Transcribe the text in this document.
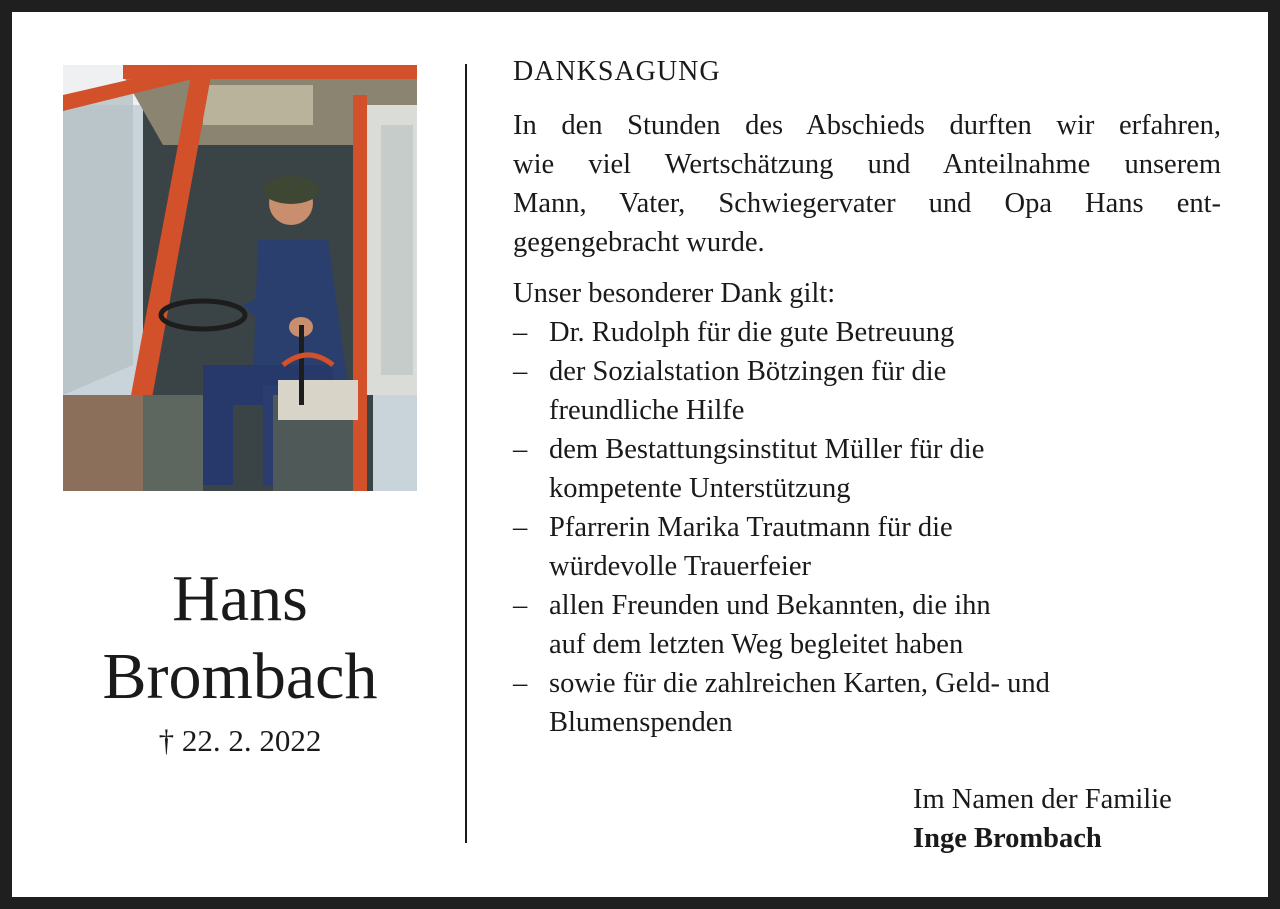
Hans
Brombach
† 22. 2. 2022
DANKSAGUNG
In den Stunden des Abschieds durften wir erfahren,
wie viel Wertschätzung und Anteilnahme unserem
Mann, Vater, Schwiegervater und Opa Hans ent-
gegengebracht wurde.
Unser besonderer Dank gilt:
– Dr. Rudolph für die gute Betreuung
– der Sozialstation Bötzingen für die
freundliche Hilfe
– dem Bestattungsinstitut Müller für die
kompetente Unterstützung
– Pfarrerin Marika Trautmann für die
würdevolle Trauerfeier
– allen Freunden und Bekannten, die ihn
auf dem letzten Weg begleitet haben
– sowie für die zahlreichen Karten, Geld- und
Blumenspenden
Im Namen der Familie
Inge Brombach
